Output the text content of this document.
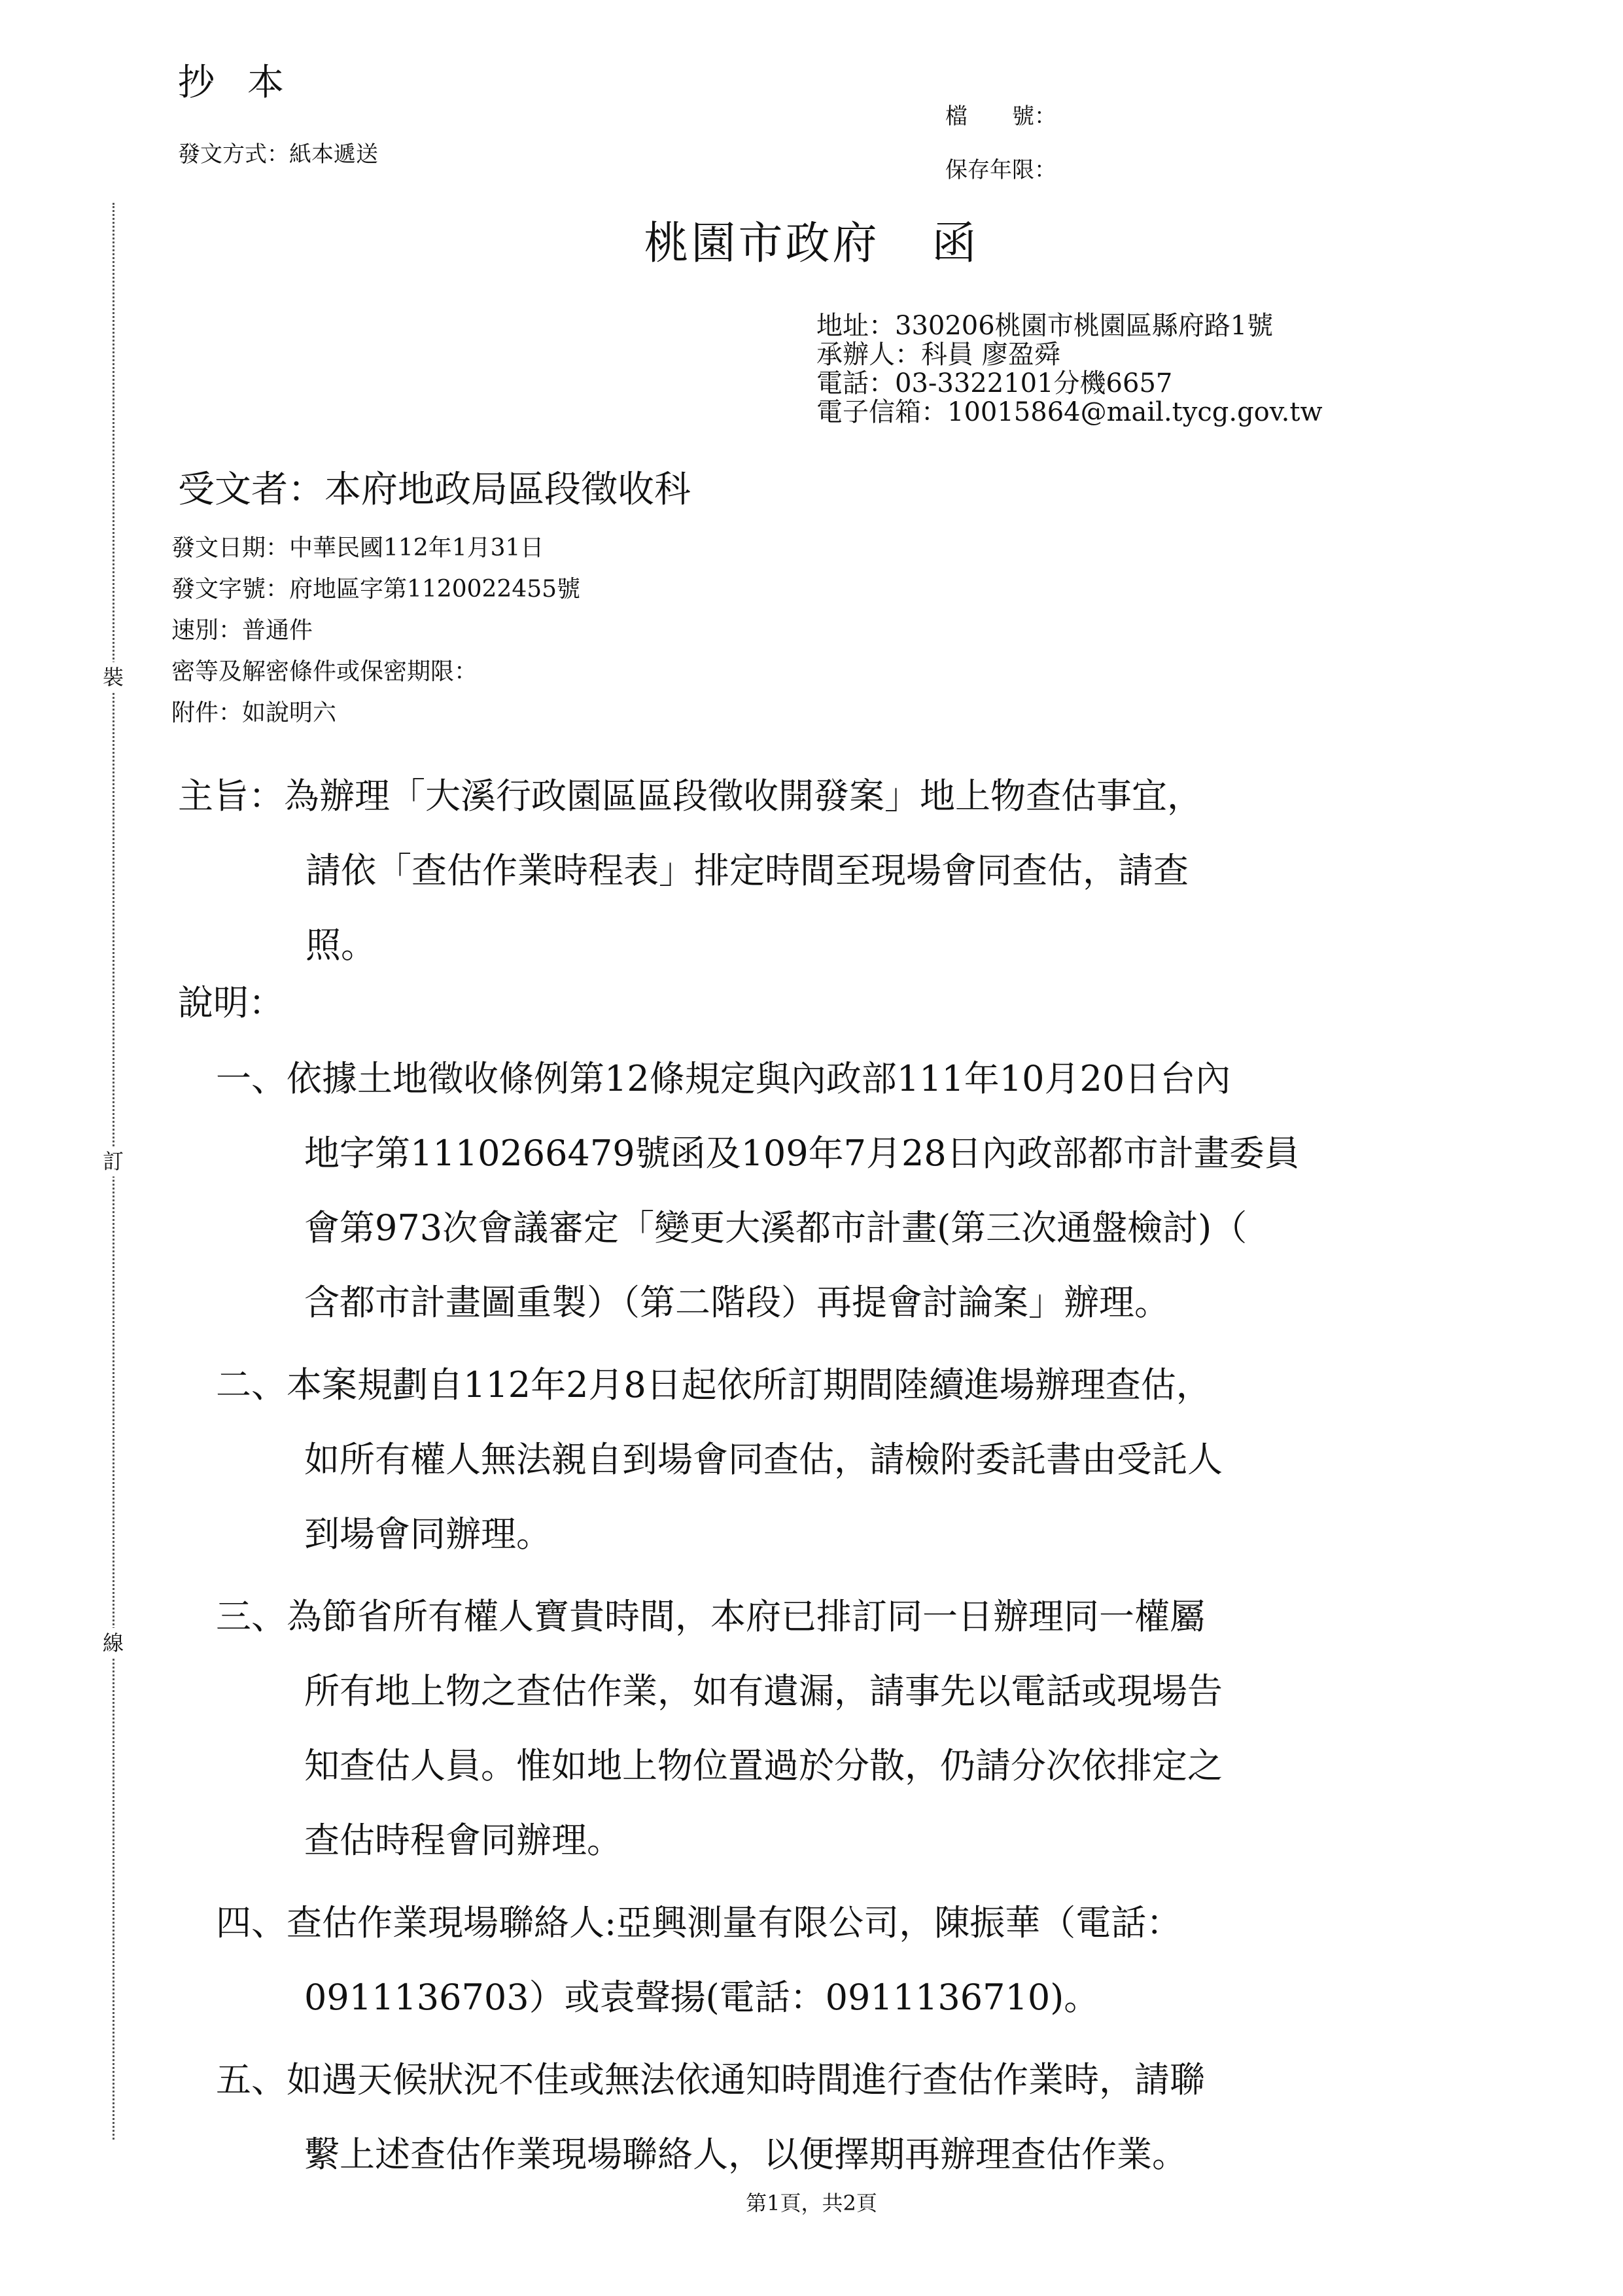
裝
訂
線
抄本
發文方式：紙本遞送
檔　　號：
保存年限：
桃園市政府 函
地址：330206桃園市桃園區縣府路1號
承辦人：科員 廖盈舜
電話：03-3322101分機6657
電子信箱：10015864@mail.tycg.gov.tw
受文者：本府地政局區段徵收科
發文日期：中華民國112年1月31日
發文字號：府地區字第1120022455號
速別：普通件
密等及解密條件或保密期限：
附件：如說明六
主旨：為辦理「大溪行政園區區段徵收開發案」地上物查估事宜，
請依「查估作業時程表」排定時間至現場會同查估，請查
照。
說明：
一、依據土地徵收條例第12條規定與內政部111年10月20日台內
地字第1110266479號函及109年7月28日內政部都市計畫委員
會第973次會議審定「變更大溪都市計畫(第三次通盤檢討)（
含都市計畫圖重製）（第二階段）再提會討論案」辦理。
二、本案規劃自112年2月8日起依所訂期間陸續進場辦理查估，
如所有權人無法親自到場會同查估，請檢附委託書由受託人
到場會同辦理。
三、為節省所有權人寶貴時間，本府已排訂同一日辦理同一權屬
所有地上物之查估作業，如有遺漏，請事先以電話或現場告
知查估人員。惟如地上物位置過於分散，仍請分次依排定之
查估時程會同辦理。
四、查估作業現場聯絡人:亞興測量有限公司，陳振華（電話：
0911136703）或袁聲揚(電話：0911136710)。
五、如遇天候狀況不佳或無法依通知時間進行查估作業時，請聯
繫上述查估作業現場聯絡人，以便擇期再辦理查估作業。
第1頁，共2頁
